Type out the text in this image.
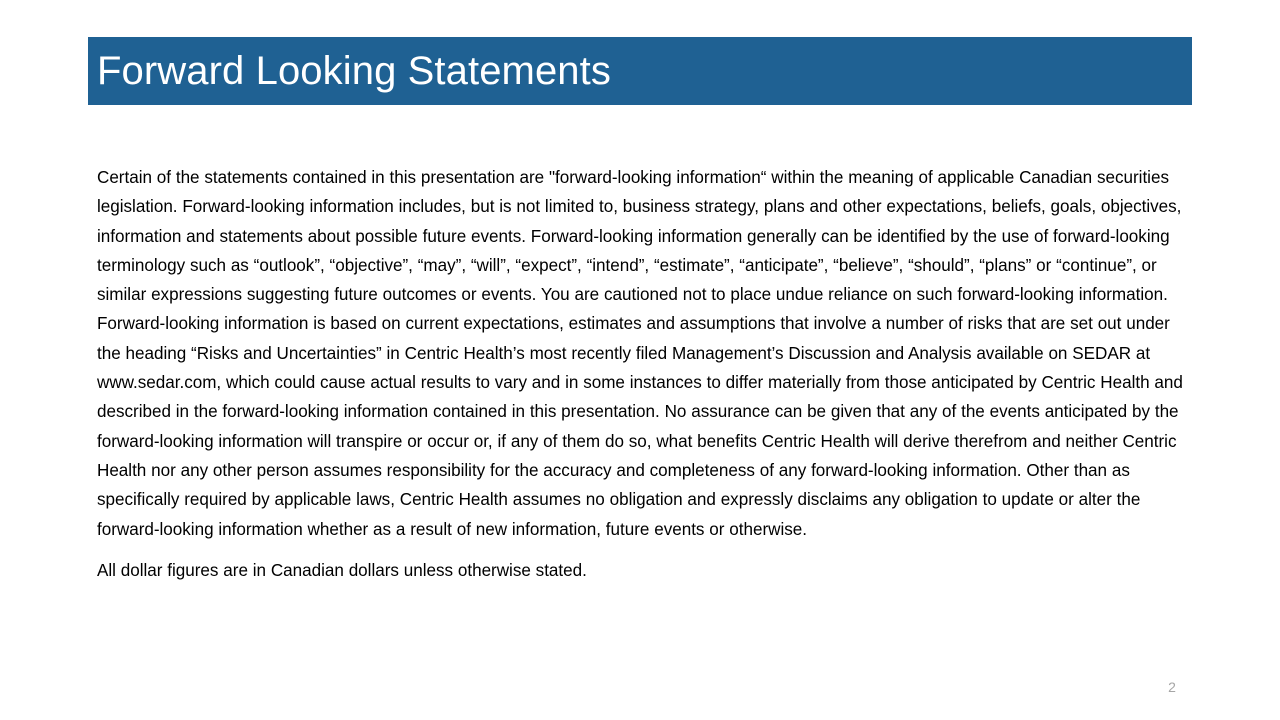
Forward Looking Statements

Certain of the statements contained in this presentation are "forward-looking information“ within the meaning of applicable Canadian securities legislation. Forward-looking information includes, but is not limited to, business strategy, plans and other expectations, beliefs, goals, objectives, information and statements about possible future events. Forward-looking information generally can be identified by the use of forward-looking terminology such as “outlook”, “objective”, “may”, “will”, “expect”, “intend”, “estimate”, “anticipate”, “believe”, “should”, “plans” or “continue”, or similar expressions suggesting future outcomes or events. You are cautioned not to place undue reliance on such forward-looking information. Forward-looking information is based on current expectations, estimates and assumptions that involve a number of risks that are set out under the heading “Risks and Uncertainties” in Centric Health’s most recently filed Management’s Discussion and Analysis available on SEDAR at www.sedar.com, which could cause actual results to vary and in some instances to differ materially from those anticipated by Centric Health and described in the forward-looking information contained in this presentation. No assurance can be given that any of the events anticipated by the forward-looking information will transpire or occur or, if any of them do so, what benefits Centric Health will derive therefrom and neither Centric Health nor any other person assumes responsibility for the accuracy and completeness of any forward-looking information. Other than as specifically required by applicable laws, Centric Health assumes no obligation and expressly disclaims any obligation to update or alter the forward-looking information whether as a result of new information, future events or otherwise.

All dollar figures are in Canadian dollars unless otherwise stated.

2
